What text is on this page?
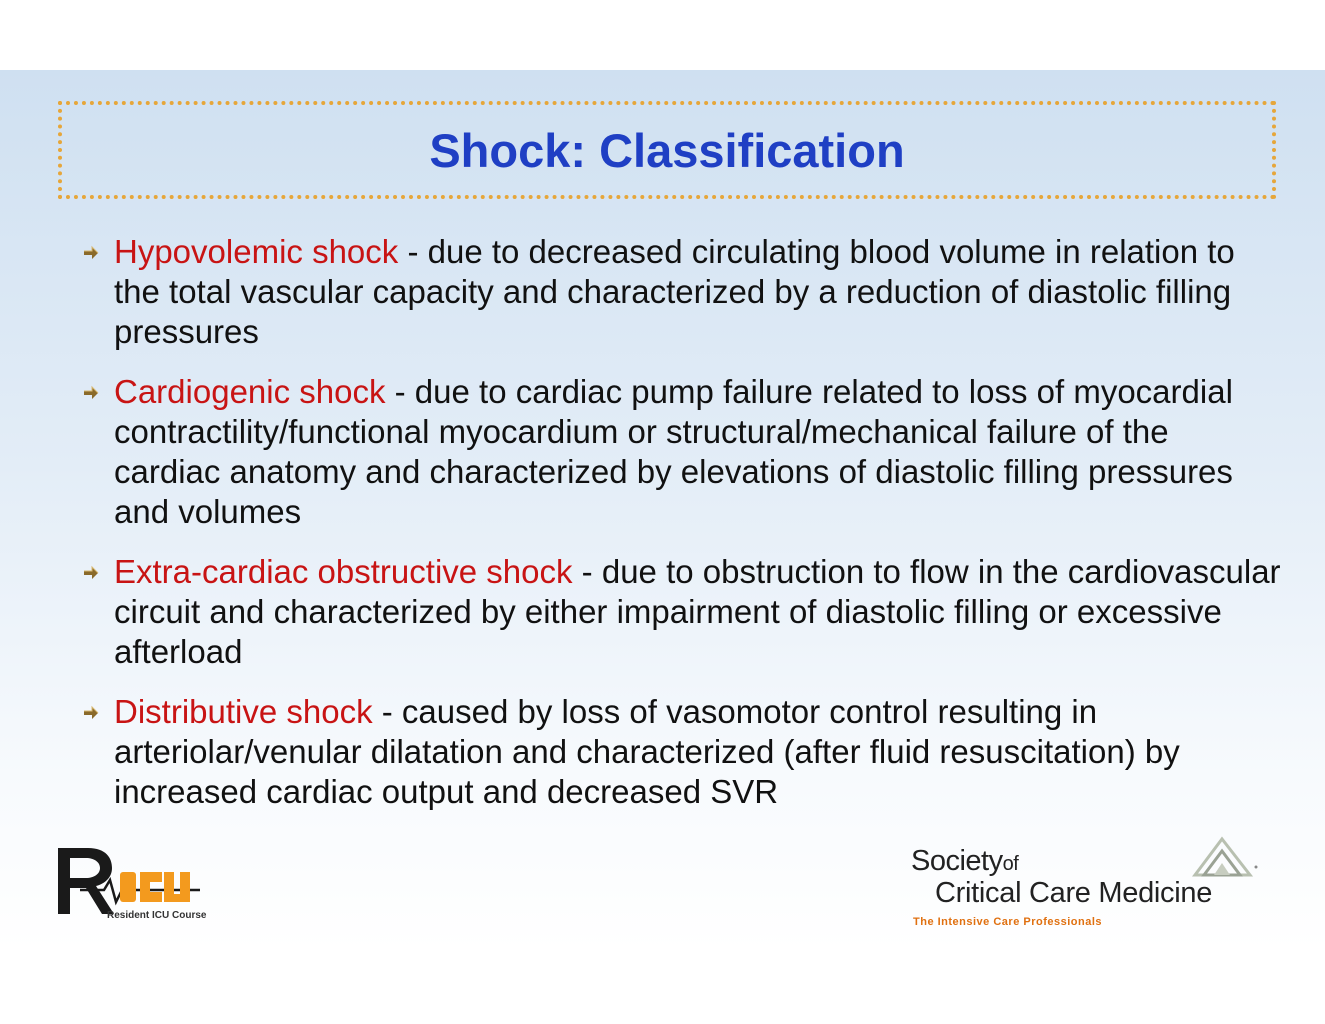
Shock: Classification
Hypovolemic shock - due to decreased circulating blood volume in relation to the total vascular capacity and characterized by a reduction of diastolic filling pressures
Cardiogenic shock - due to cardiac pump failure related to loss of myocardial contractility/functional myocardium or structural/mechanical failure of the cardiac anatomy and characterized by elevations of diastolic filling pressures and volumes
Extra-cardiac obstructive shock - due to obstruction to flow in the cardiovascular circuit and characterized by either impairment of diastolic filling or excessive afterload
Distributive shock - caused by loss of vasomotor control resulting in arteriolar/venular dilatation and characterized (after fluid resuscitation) by increased cardiac output and decreased SVR
Resident ICU Course
Societyof
Critical Care Medicine
The Intensive Care Professionals
